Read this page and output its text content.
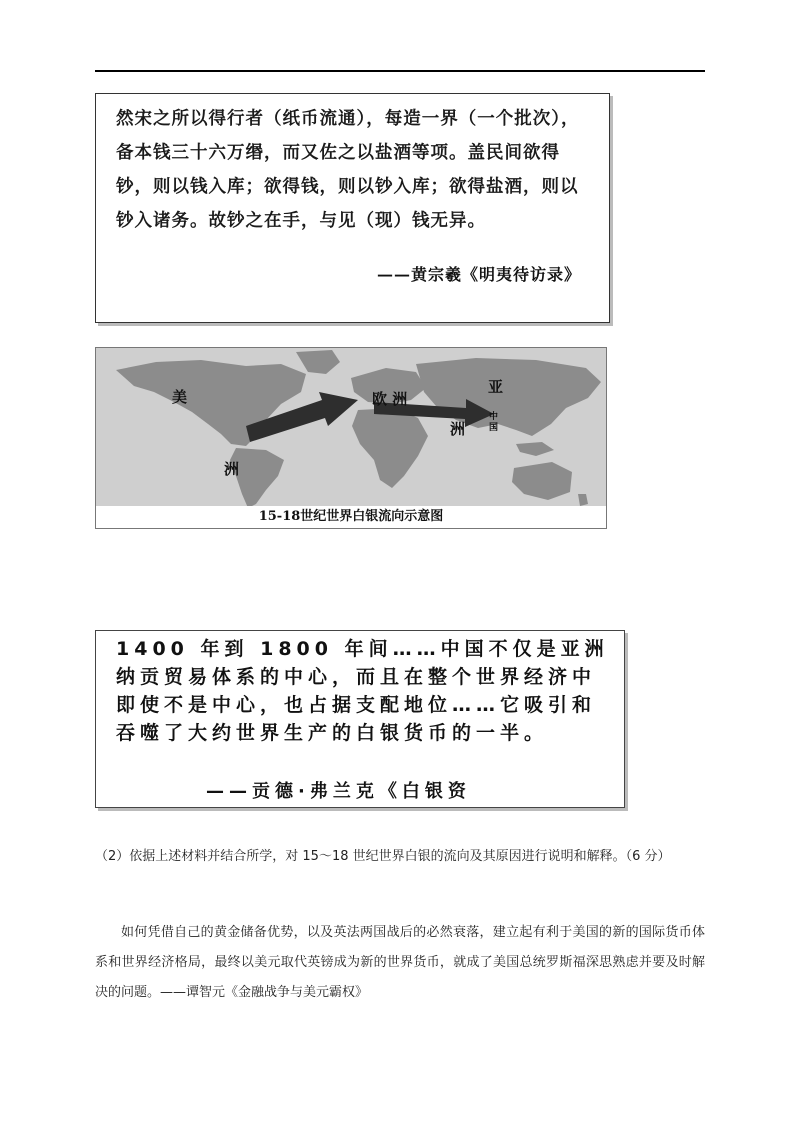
然宋之所以得行者（纸币流通），每造一界（一个批次），备本钱三十六万缗，而又佐之以盐酒等项。盖民间欲得钞，则以钱入库；欲得钱，则以钞入库；欲得盐酒，则以钞入诸务。故钞之在手，与见（现）钱无异。
——黄宗羲《明夷待访录》
美
洲
欧 洲
亚
洲
中国
15-18世纪世界白银流向示意图
1400 年到 1800 年间……中国不仅是亚洲纳贡贸易体系的中心，而且在整个世界经济中即使不是中心，也占据支配地位……它吸引和吞噬了大约世界生产的白银货币的一半。
——贡德·弗兰克《白银资
（2）依据上述材料并结合所学，对 15～18 世纪世界白银的流向及其原因进行说明和解释。（6 分）
如何凭借自己的黄金储备优势，以及英法两国战后的必然衰落，建立起有利于美国的新的国际货币体系和世界经济格局，最终以美元取代英镑成为新的世界货币，就成了美国总统罗斯福深思熟虑并要及时解决的问题。——谭智元《金融战争与美元霸权》
